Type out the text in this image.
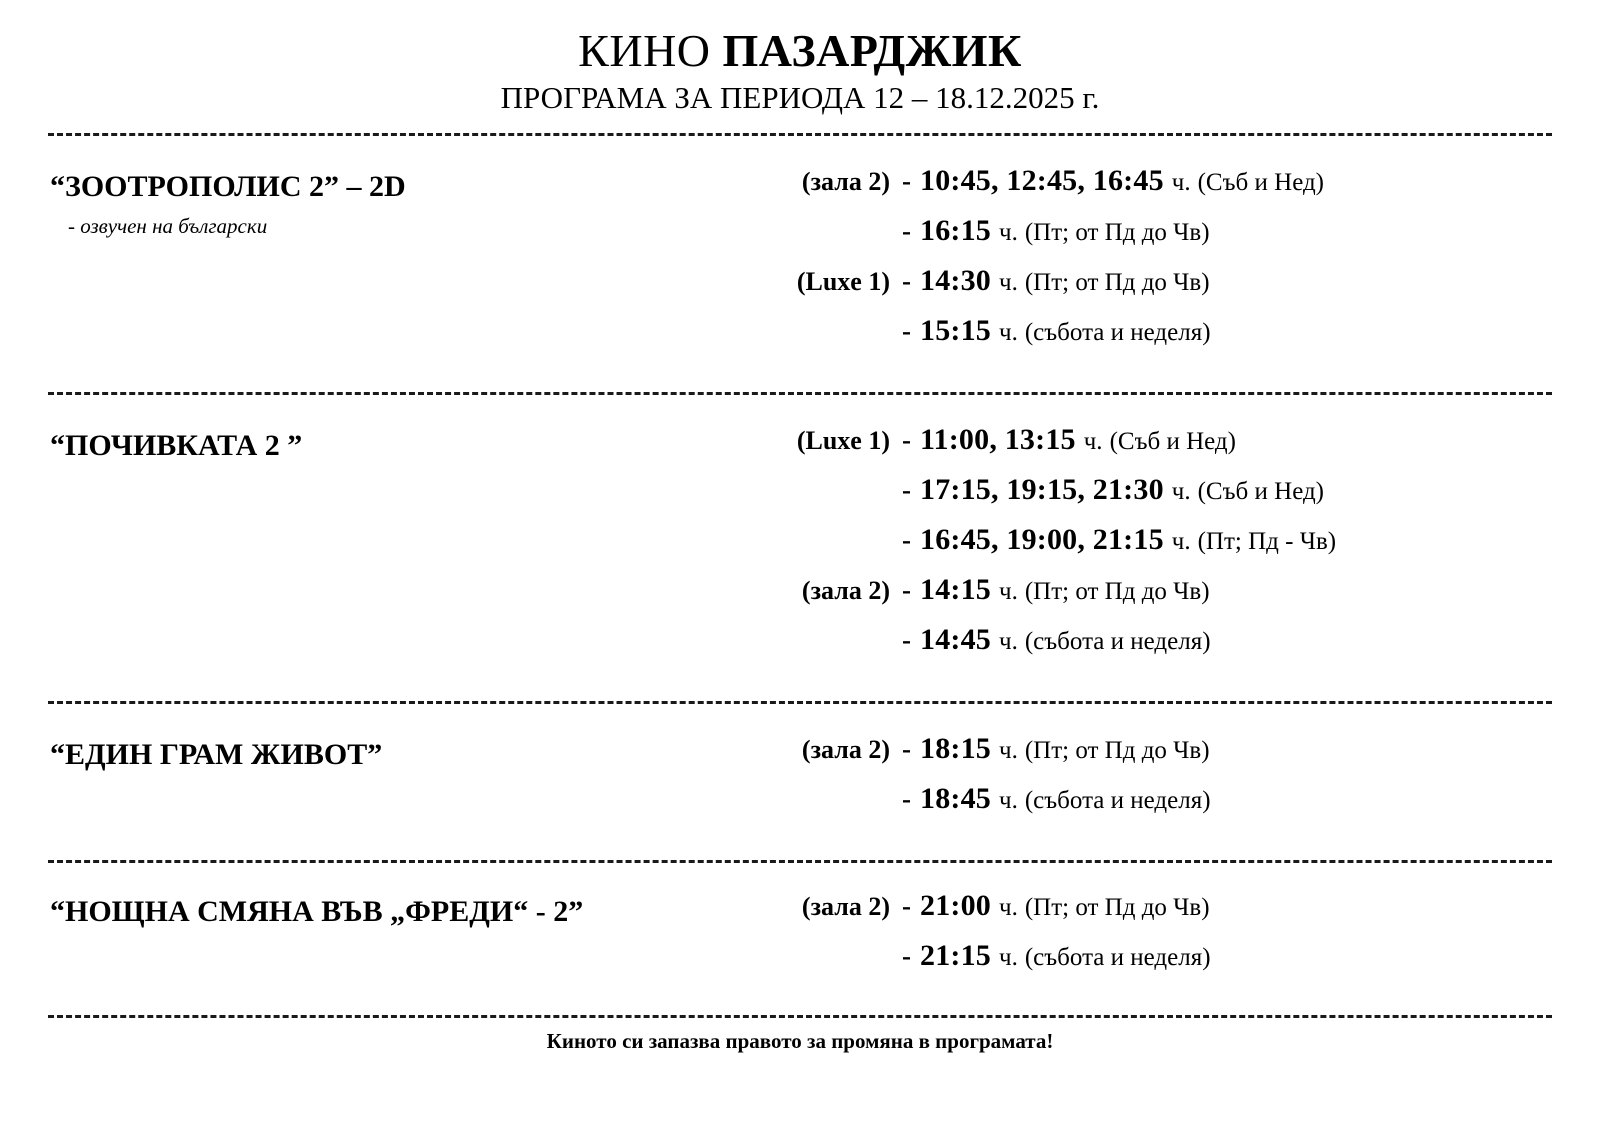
КИНО ПАЗАРДЖИК
ПРОГРАМА ЗА ПЕРИОДА 12 – 18.12.2025 г.
“ЗООТРОПОЛИС 2” – 2D
- озвучен на български
(зала 2) - 10:45, 12:45, 16:45 ч. (Съб и Нед)
- 16:15 ч. (Пт; от Пд до Чв)
(Luxe 1) - 14:30 ч. (Пт; от Пд до Чв)
- 15:15 ч. (събота и неделя)
“ПОЧИВКАТА 2 ”	(Luxe 1) - 11:00, 13:15 ч. (Съб и Нед)
- 17:15, 19:15, 21:30 ч. (Съб и Нед)
- 16:45, 19:00, 21:15 ч. (Пт; Пд - Чв)
(зала 2) - 14:15 ч. (Пт; от Пд до Чв)
- 14:45 ч. (събота и неделя)
“ЕДИН ГРАМ ЖИВОТ”	(зала 2) - 18:15 ч. (Пт; от Пд до Чв)
- 18:45 ч. (събота и неделя)
“НОЩНА СМЯНА ВЪВ „ФРЕДИ“ - 2”	(зала 2) - 21:00 ч. (Пт; от Пд до Чв)
- 21:15 ч. (събота и неделя)
Киното си запазва правото за промяна в програмата!
